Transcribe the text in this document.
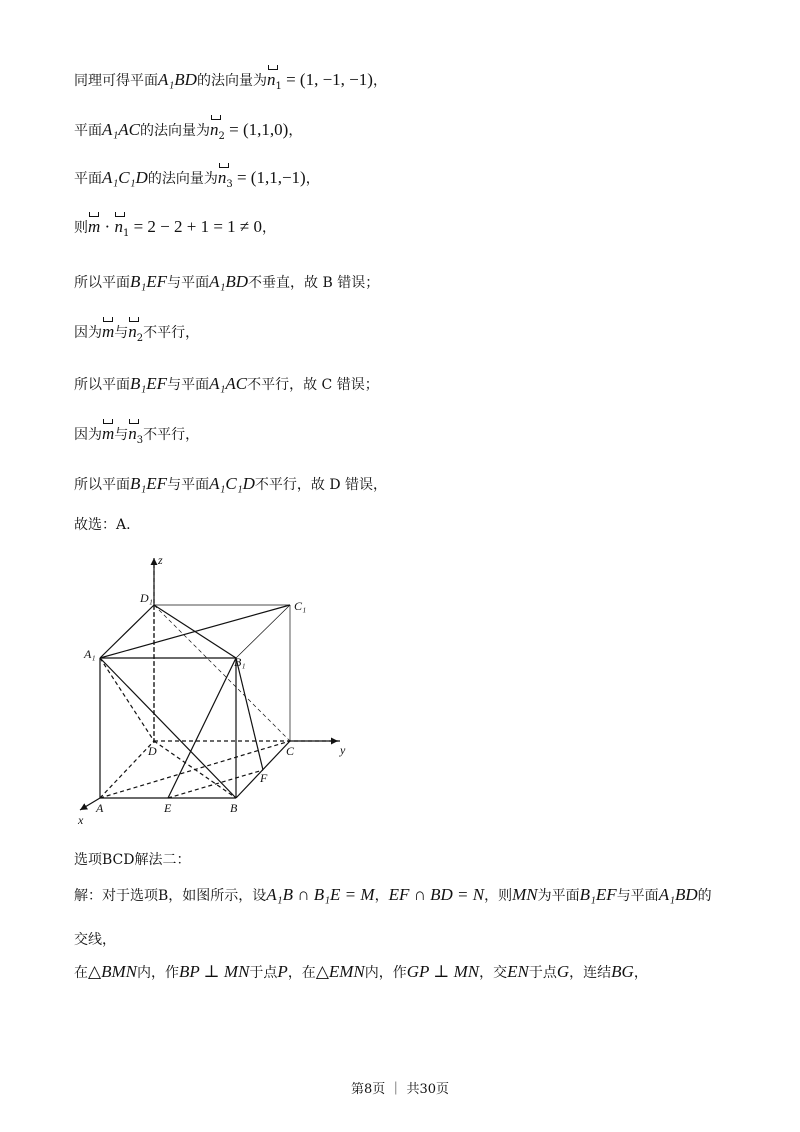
同理可得平面A₁BD的法向量为$n_1 = (1$, −1, −1)，
平面A₁AC的法向量为$n_2 = (1,1,0)$，
平面A₁C₁D的法向量为$n_3 = (1,1,-1)$，
则$m \cdot n_1 = 2 - 2 + 1 = 1 \ne 0$，
所以平面B₁EF与平面A₁BD不垂直，故 B 错误；
因为m与$n_2$不平行，
所以平面B₁EF与平面A₁AC不平行，故 C 错误；
因为m与$n_3$不平行，
所以平面B₁EF与平面A₁C₁D不平行，故 D 错误，
故选：A.
z
y
x
D₁
C₁
A₁
B₁
D	C
A	B
E
F
选项BCD解法二：
解：对于选项B，如图所示，设A₁B ∩ B₁E = M，EF ∩ BD = N，则MN为平面B₁EF与平面A₁BD的
交线，
在△BMN内，作BP ⊥ MN于点P，在△EMN内，作GP ⊥ MN，交EN于点G，连结BG，
第8页 ｜ 共30页
